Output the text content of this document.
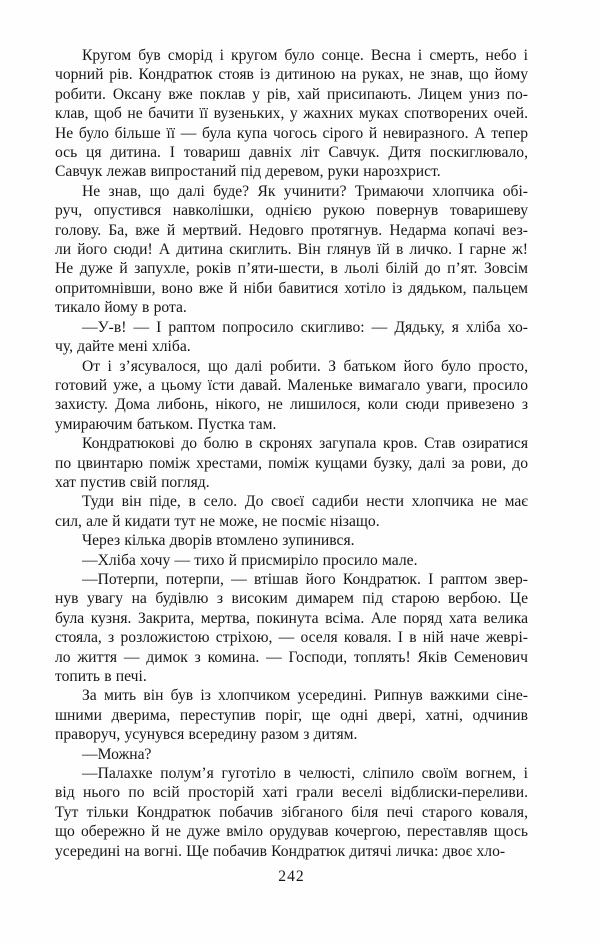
Кругом був сморід і кругом було сонце. Весна і смерть, небо і
чорний рів. Кондратюк стояв із дитиною на руках, не знав, що йому
робити. Оксану вже поклав у рів, хай присипають. Лицем униз по-
клав, щоб не бачити її вузеньких, у жахних муках спотворених очей.
Не було більше її — була купа чогось сірого й невиразного. А тепер
ось ця дитина. І товариш давніх літ Савчук. Дитя поскиглювало,
Савчук лежав випростаний під деревом, руки нарозхрист.
Не знав, що далі буде? Як учинити? Тримаючи хлопчика обі-
руч, опустився навколішки, однією рукою повернув товаришеву
голову. Ба, вже й мертвий. Недовго протягнув. Недарма копачі вез-
ли його сюди! А дитина скиглить. Він глянув їй в личко. І гарне ж!
Не дуже й запухле, років п’яти-шести, в льолі білій до п’ят. Зовсім
опритомнівши, воно вже й ніби бавитися хотіло із дядьком, пальцем
тикало йому в рота.
—У-в! — І раптом попросило скигливо: — Дядьку, я хліба хо-
чу, дайте мені хліба.
От і з’ясувалося, що далі робити. З батьком його було просто,
готовий уже, а цьому їсти давай. Маленьке вимагало уваги, просило
захисту. Дома либонь, нікого, не лишилося, коли сюди привезено з
умираючим батьком. Пустка там.
Кондратюкові до болю в скронях загупала кров. Став озиратися
по цвинтарю поміж хрестами, поміж кущами бузку, далі за рови, до
хат пустив свій погляд.
Туди він піде, в село. До своєї садиби нести хлопчика не має
сил, але й кидати тут не може, не посміє нізащо.
Через кілька дворів втомлено зупинився.
—Хліба хочу — тихо й присмиріло просило мале.
—Потерпи, потерпи, — втішав його Кондратюк. І раптом звер-
нув увагу на будівлю з високим димарем під старою вербою. Це
була кузня. Закрита, мертва, покинута всіма. Але поряд хата велика
стояла, з розложистою стріхою, — оселя коваля. І в ній наче жеврі-
ло життя — димок з комина. — Господи, топлять! Яків Семенович
топить в печі.
За мить він був із хлопчиком усередині. Рипнув важкими сіне-
шними дверима, переступив поріг, ще одні двері, хатні, одчинив
праворуч, усунувся всередину разом з дитям.
—Можна?
—Палахке полум’я гуготіло в челюсті, сліпило своїм вогнем, і
від нього по всій просторій хаті грали веселі відблиски-переливи.
Тут тільки Кондратюк побачив зібганого біля печі старого коваля,
що обережно й не дуже вміло орудував кочергою, переставляв щось
усередині на вогні. Ще побачив Кондратюк дитячі личка: двоє хло-
242
